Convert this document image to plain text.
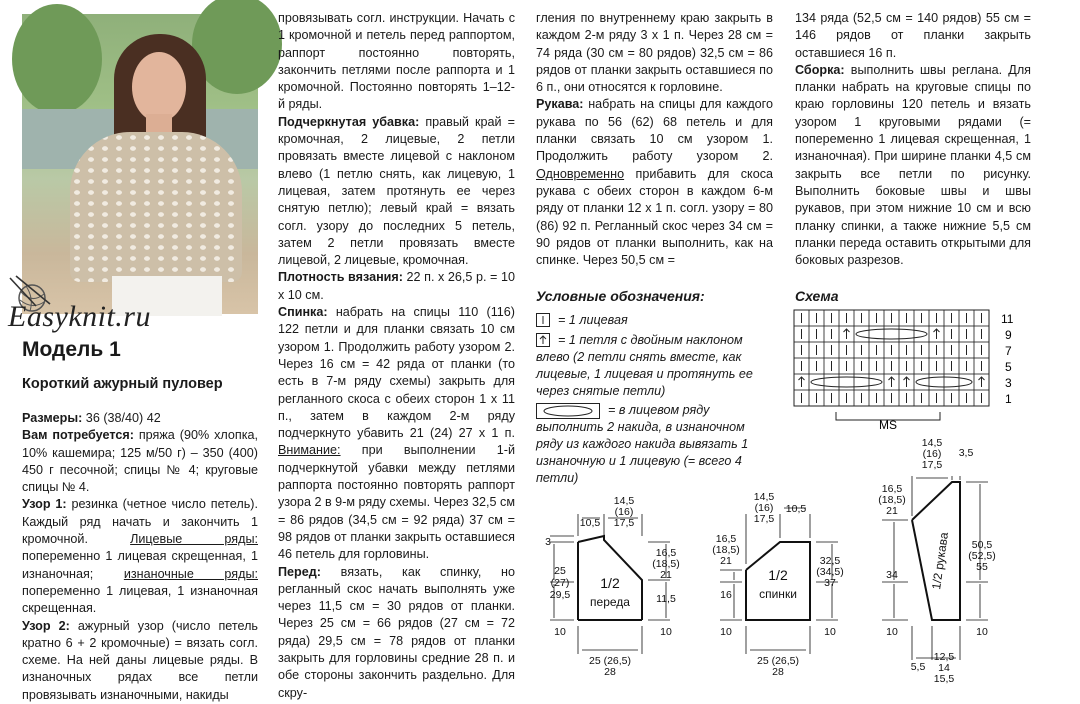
Easyknit.ru
Модель 1
Короткий ажурный пуловер

Размеры: 36 (38/40) 42

Вам потребуется: пряжа (90% хлопка, 10% кашемира; 125 м/50 г) – 350 (400) 450 г песочной; спицы № 4; круговые спицы № 4.

Узор 1: резинка (четное число петель). Каждый ряд начать и закончить 1 кромочной. Лицевые ряды: попеременно 1 лицевая скрещенная, 1 изнаночная; изнаночные ряды: попеременно 1 лицевая, 1 изнаночная скрещенная.

Узор 2: ажурный узор (число петель кратно 6 + 2 кромочные) = вязать согл. схеме. На ней даны лицевые ряды. В изнаночных рядах все петли провязывать изнаночными, накиды

провязывать согл. инструкции. Начать с 1 кромочной и петель перед раппортом, раппорт постоянно повторять, закончить петлями после раппорта и 1 кромочной. Постоянно повторять 1–12-й ряды.

Подчеркнутая убавка: правый край = кромочная, 2 лицевые, 2 петли провязать вместе лицевой с наклоном влево (1 петлю снять, как лицевую, 1 лицевая, затем протянуть ее через снятую петлю); левый край = вязать согл. узору до последних 5 петель, затем 2 петли провязать вместе лицевой, 2 лицевые, кромочная.

Плотность вязания: 22 п. x 26,5 р. = 10 x 10 см.

Спинка: набрать на спицы 110 (116) 122 петли и для планки связать 10 см узором 1. Продолжить работу узором 2. Через 16 см = 42 ряда от планки (то есть в 7-м ряду схемы) закрыть для регланного скоса с обеих сторон 1 x 11 п., затем в каждом 2-м ряду подчеркнуто убавить 21 (24) 27 x 1 п. Внимание: при выполнении 1-й подчеркнутой убавки между петлями раппорта постоянно повторять раппорт узора 2 в 9-м ряду схемы. Через 32,5 см = 86 рядов (34,5 см = 92 ряда) 37 см = 98 рядов от планки закрыть оставшиеся 46 петель для горловины.

Перед: вязать, как спинку, но регланный скос начать выполнять уже через 11,5 см = 30 рядов от планки. Через 25 см = 66 рядов (27 см = 72 ряда) 29,5 см = 78 рядов от планки закрыть для горловины средние 28 п. и обе стороны закончить раздельно. Для скру-

гления по внутреннему краю закрыть в каждом 2-м ряду 3 x 1 п. Через 28 см = 74 ряда (30 см = 80 рядов) 32,5 см = 86 рядов от планки закрыть оставшиеся по 6 п., они относятся к горловине.

Рукава: набрать на спицы для каждого рукава по 56 (62) 68 петель и для планки связать 10 см узором 1. Продолжить работу узором 2. Одновременно прибавить для скоса рукава с обеих сторон в каждом 6-м ряду от планки 12 x 1 п. согл. узору = 80 (86) 92 п. Регланный скос через 34 см = 90 рядов от планки выполнить, как на спинке. Через 50,5 см =

134 ряда (52,5 см = 140 рядов) 55 см = 146 рядов от планки закрыть оставшиеся 16 п.

Сборка: выполнить швы реглана. Для планки набрать на круговые спицы по краю горловины 120 петель и вязать узором 1 круговыми рядами (= попеременно 1 лицевая скрещенная, 1 изнаночная). При ширине планки 4,5 см закрыть все петли по рисунку. Выполнить боковые швы и швы рукавов, при этом нижние 10 см и всю планку спинки, а также нижние 5,5 см планки переда оставить открытыми для боковых разрезов.

Условные обозначения:
= 1 лицевая
= 1 петля с двойным наклоном влево (2 петли снять вместе, как лицевые, 1 лицевая и протянуть ее через снятые петли)
= в лицевом ряду выполнить 2 накида, в изнаночном ряду из каждого накида вывязать 1 изнаночную и 1 лицевую (= всего 4 петли)
Схема
11
9
7
5
3
1
MS
1/2
переда
14,5
(16)
17,5
10,5
3
25
(27)
29,5
10
16,5
(18,5)
21
11,5
10
25 (26,5)
28
1/2
спинки
14,5
(16)
17,5
10,5
16,5
(18,5)
21
16
10
32,5
(34,5)
37
10
25 (26,5)
28
1/2 рукава
14,5
(16)
17,5
3,5
16,5
(18,5)
21
34
10
50,5
(52,5)
55
10
5,5
12,5
14
15,5
